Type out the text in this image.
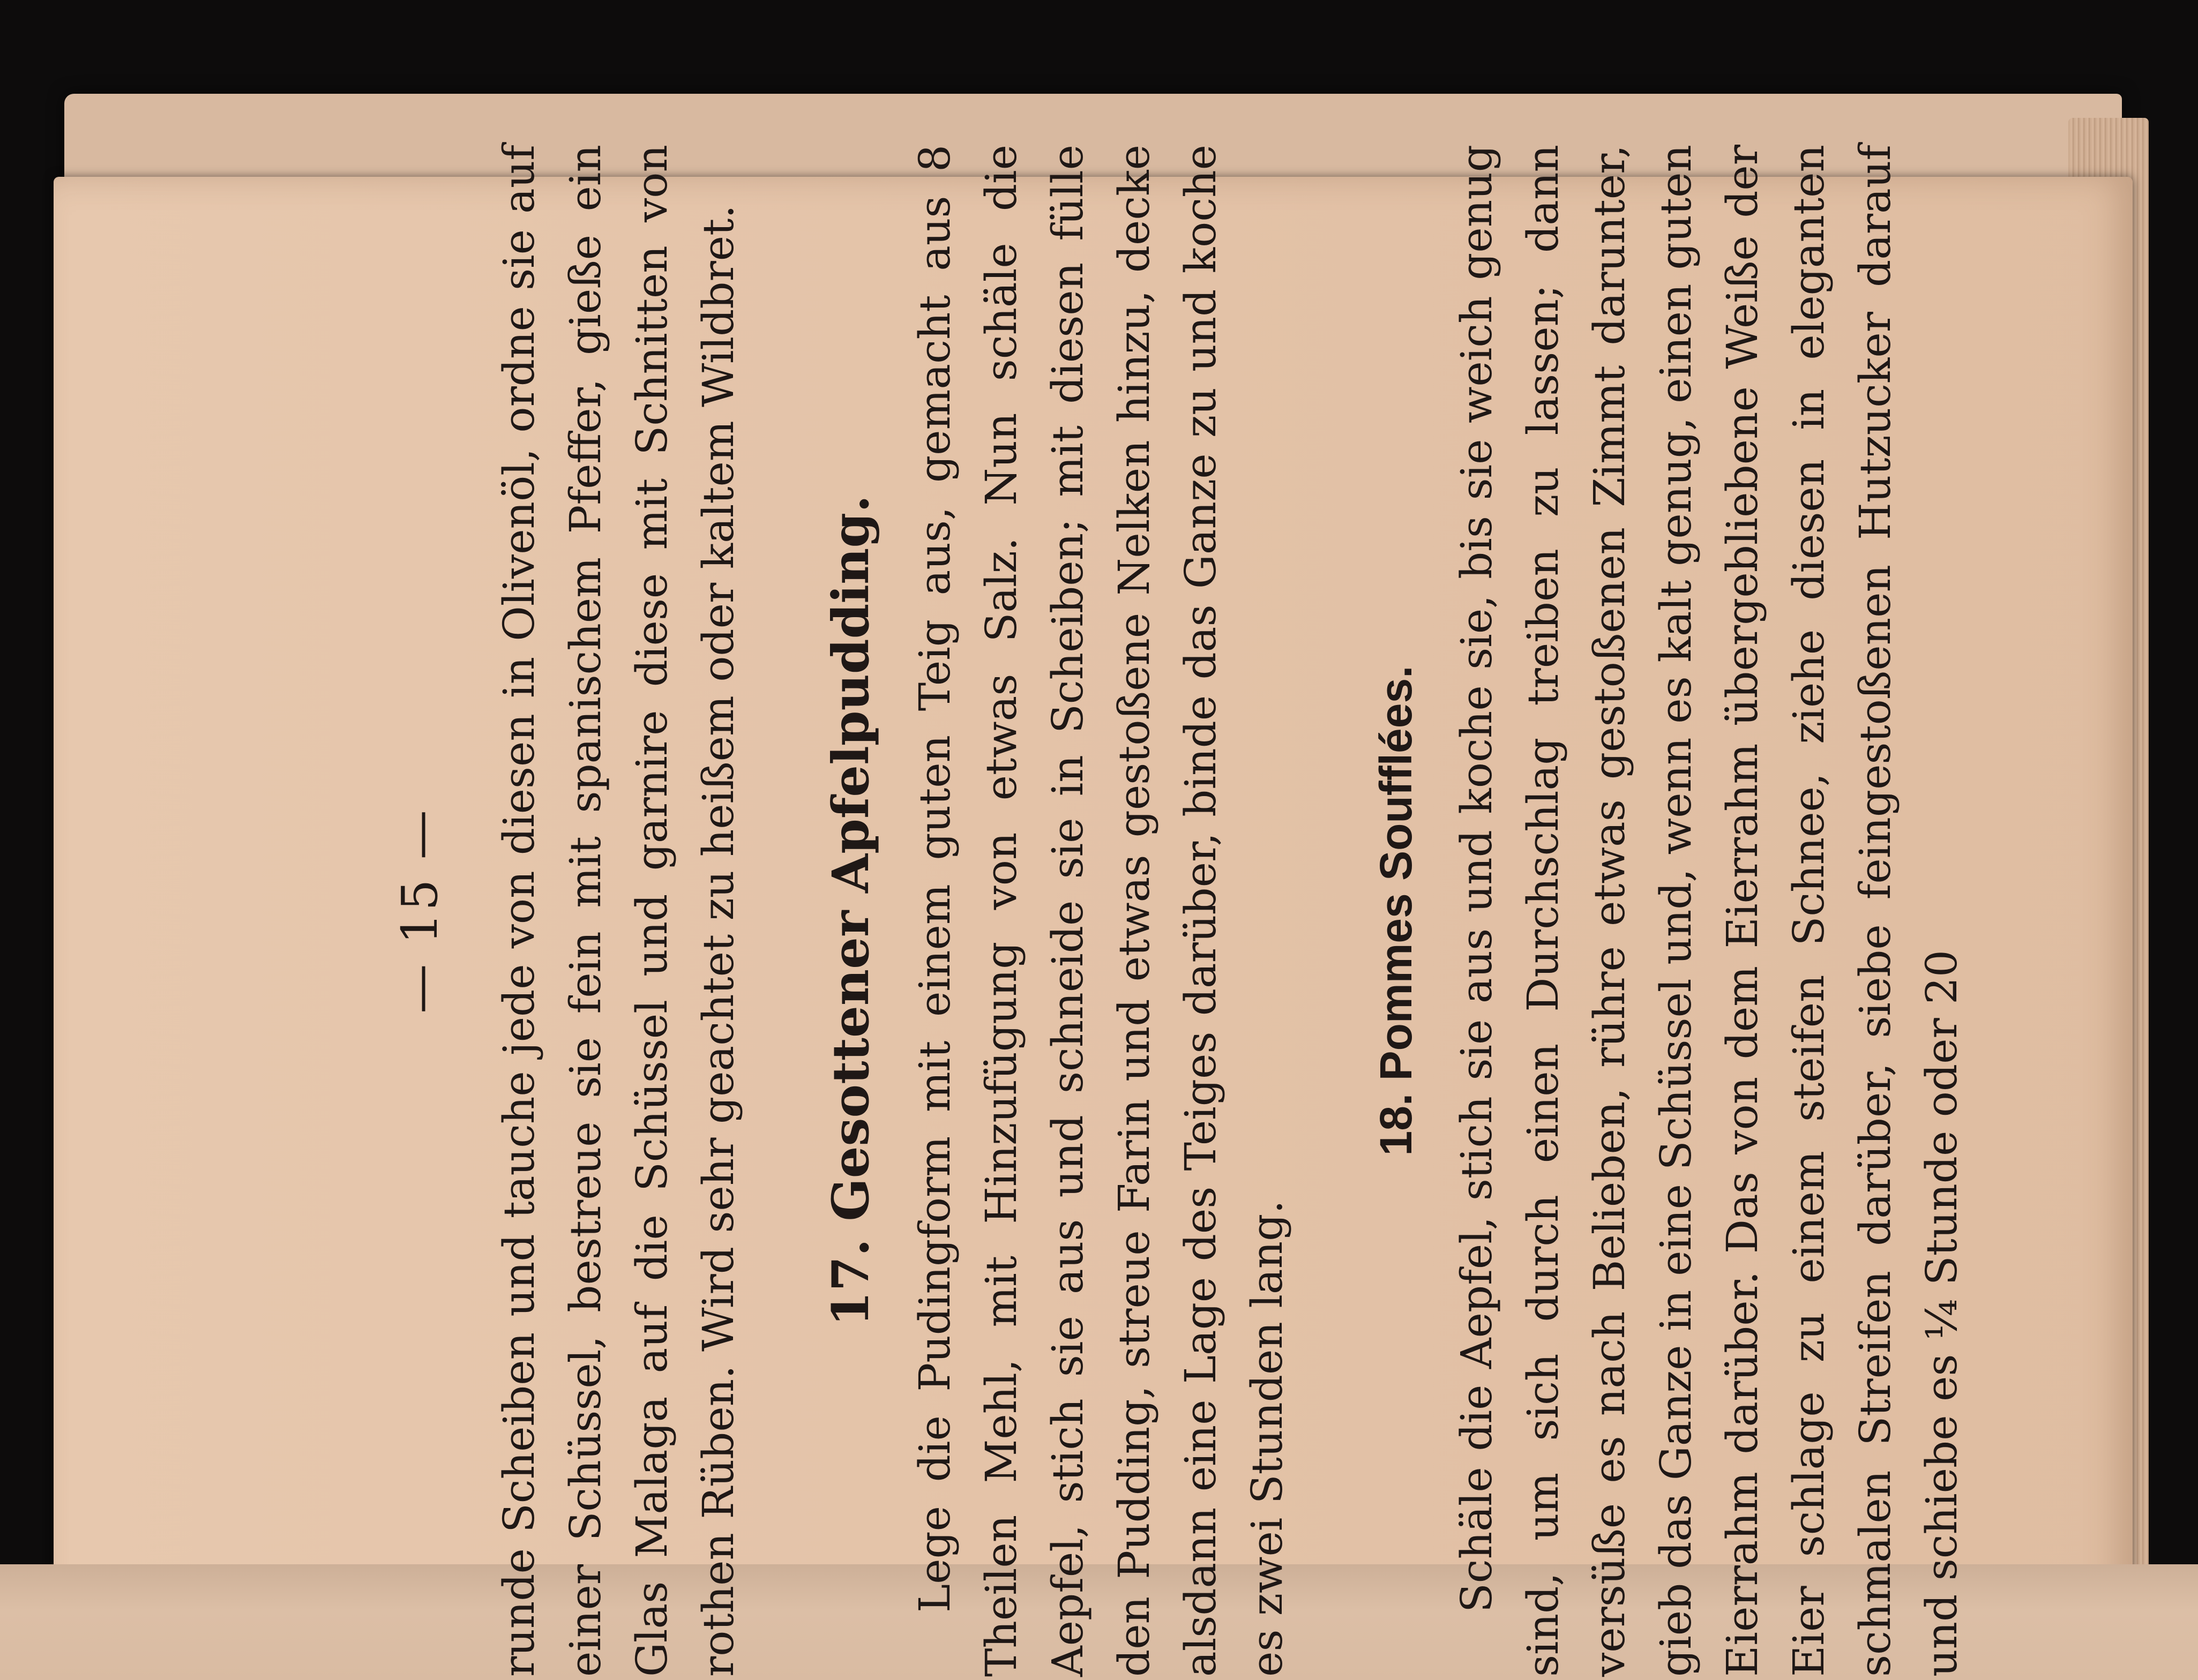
— 15 — runde Scheiben und tauche jede von diesen in Olivenöl, ordne sie auf einer Schüssel, bestreue sie fein mit spanischem Pfeffer, gieße ein Glas Malaga auf die Schüssel und garnire diese mit Schnitten von rothen Rüben. Wird sehr geachtet zu heißem oder kaltem Wildbret. 17. Gesottener Apfelpudding. Lege die Pudingform mit einem guten Teig aus, gemacht aus 8 Theilen Mehl, mit Hinzufügung von etwas Salz. Nun schäle die Aepfel, stich sie aus und schneide sie in Scheiben; mit diesen fülle den Pudding, streue Farin und etwas gestoßene Nelken hinzu, decke alsdann eine Lage des Teiges darüber, binde das Ganze zu und koche es zwei Stunden lang.

18. Pommes Soufflées. Schäle die Aepfel, stich sie aus und koche sie, bis sie weich genug sind, um sich durch einen Durchschlag treiben zu lassen; dann versüße es nach Belieben, rühre etwas gestoßenen Zimmt darunter, gieb das Ganze in eine Schüssel und, wenn es kalt genug, einen guten Eierrahm darüber. Das von dem Eierrahm übergebliebene Weiße der Eier schlage zu einem steifen Schnee, ziehe diesen in eleganten schmalen Streifen darüber, siebe feingestoßenen Hutzucker darauf und schiebe es ¼ Stunde oder 20
